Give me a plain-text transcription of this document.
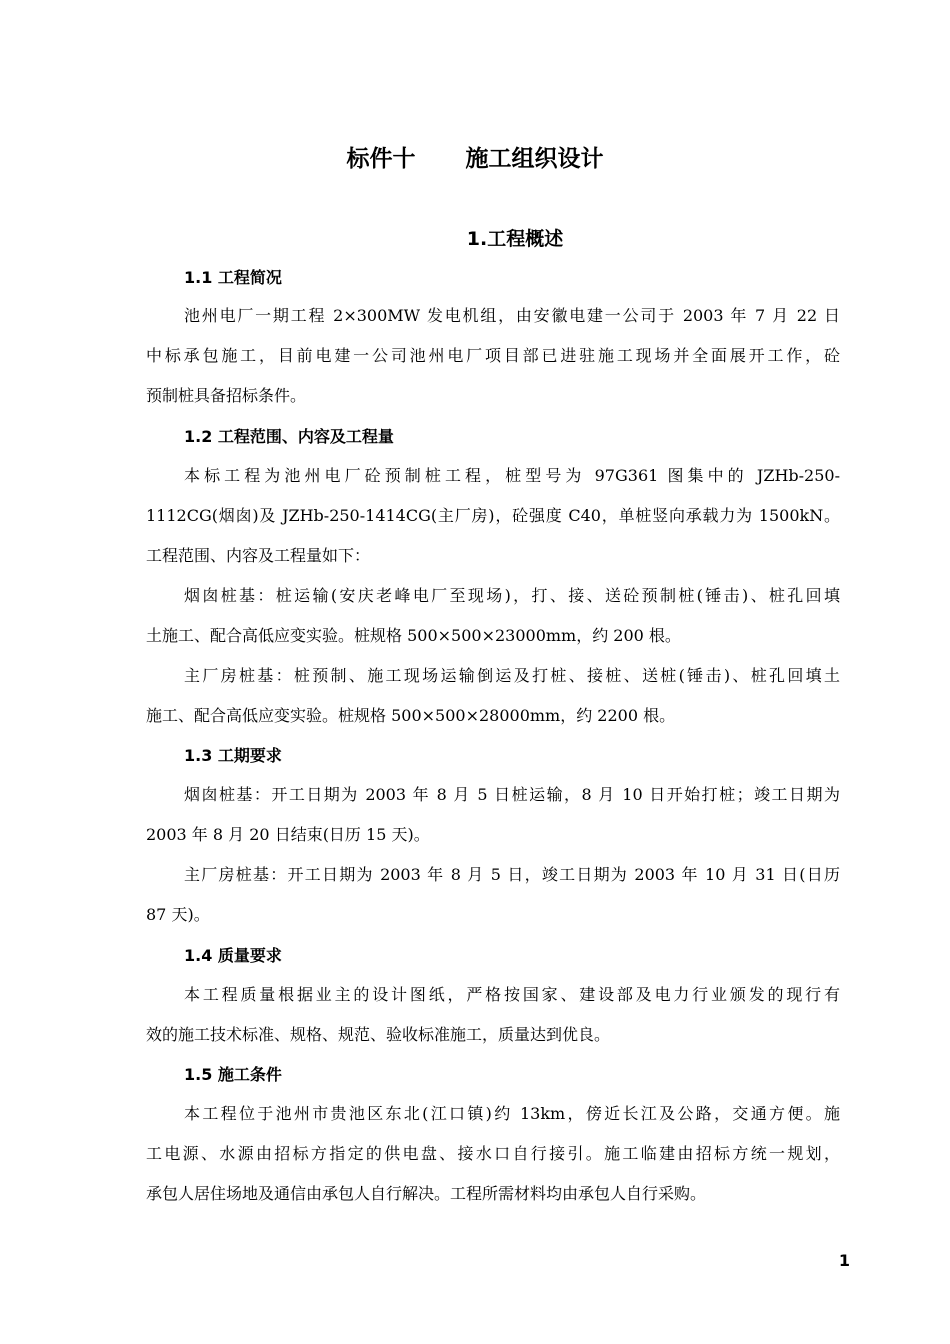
标件十 施工组织设计
1.工程概述
1.1 工程简况
池州电厂一期工程 2×300MW 发电机组，由安徽电建一公司于 2003 年 7 月 22 日
中标承包施工，目前电建一公司池州电厂项目部已进驻施工现场并全面展开工作，砼
预制桩具备招标条件。
1.2 工程范围、内容及工程量
本标工程为池州电厂砼预制桩工程，桩型号为 97G361 图集中的 JZHb-250-
1112CG(烟囱)及 JZHb-250-1414CG(主厂房)，砼强度 C40，单桩竖向承载力为 1500kN。
工程范围、内容及工程量如下：
烟囱桩基：桩运输(安庆老峰电厂至现场)，打、接、送砼预制桩(锤击)、桩孔回填
土施工、配合高低应变实验。桩规格 500×500×23000mm，约 200 根。
主厂房桩基：桩预制、施工现场运输倒运及打桩、接桩、送桩(锤击)、桩孔回填土
施工、配合高低应变实验。桩规格 500×500×28000mm，约 2200 根。
1.3 工期要求
烟囱桩基：开工日期为 2003 年 8 月 5 日桩运输，8 月 10 日开始打桩；竣工日期为
2003 年 8 月 20 日结束(日历 15 天)。
主厂房桩基：开工日期为 2003 年 8 月 5 日，竣工日期为 2003 年 10 月 31 日(日历
87 天)。
1.4 质量要求
本工程质量根据业主的设计图纸，严格按国家、建设部及电力行业颁发的现行有
效的施工技术标准、规格、规范、验收标准施工，质量达到优良。
1.5 施工条件
本工程位于池州市贵池区东北(江口镇)约 13km，傍近长江及公路，交通方便。施
工电源、水源由招标方指定的供电盘、接水口自行接引。施工临建由招标方统一规划，
承包人居住场地及通信由承包人自行解决。工程所需材料均由承包人自行采购。
1
